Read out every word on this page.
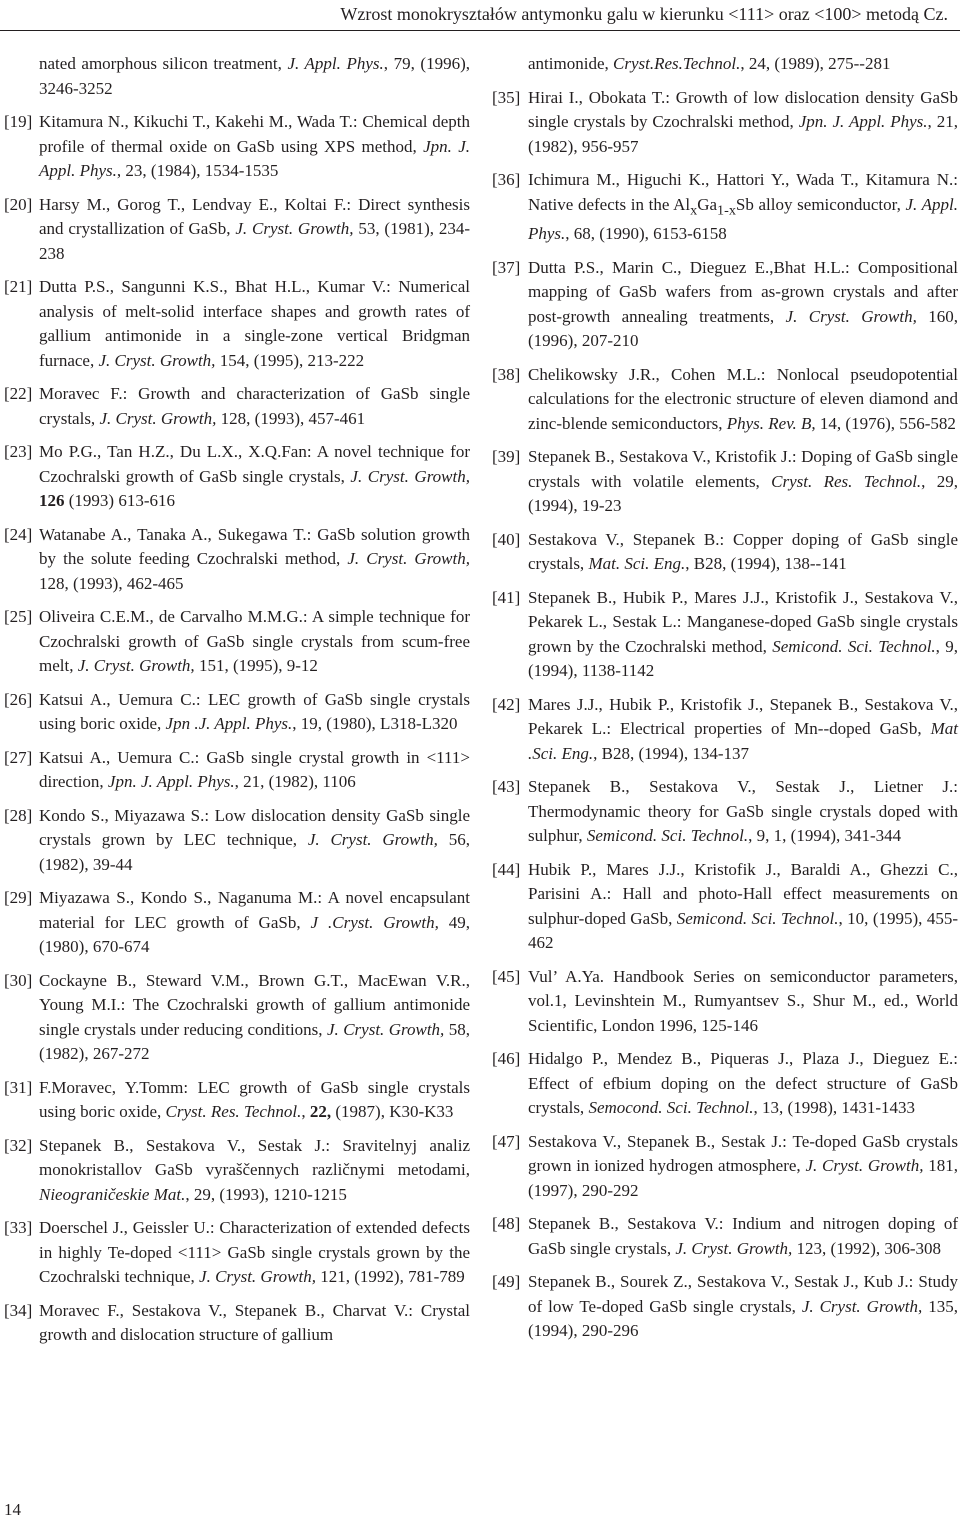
Wzrost monokryształów antymonku galu w kierunku <111> oraz <100> metodą Cz.
nated amorphous silicon treatment, J. Appl. Phys., 79, (1996), 3246-3252
[19] Kitamura N., Kikuchi T., Kakehi M., Wada T.: Chemical depth profile of thermal oxide on GaSb using XPS method, Jpn. J. Appl. Phys., 23, (1984), 1534-1535
[20] Harsy M., Gorog T., Lendvay E., Koltai F.: Direct synthesis and crystallization of GaSb, J. Cryst. Growth, 53, (1981), 234-238
[21] Dutta P.S., Sangunni K.S., Bhat H.L., Kumar V.: Numerical analysis of melt-solid interface shapes and growth rates of gallium antimonide in a single-zone vertical Bridgman furnace, J. Cryst. Growth, 154, (1995), 213-222
[22] Moravec F.: Growth and characterization of GaSb single crystals, J. Cryst. Growth, 128, (1993), 457-461
[23] Mo P.G., Tan H.Z., Du L.X., X.Q.Fan: A novel technique for Czochralski growth of GaSb single crystals, J. Cryst. Growth, 126 (1993) 613-616
[24] Watanabe A., Tanaka A., Sukegawa T.: GaSb solution growth by the solute feeding Czochralski method, J. Cryst. Growth, 128, (1993), 462-465
[25] Oliveira C.E.M., de Carvalho M.M.G.: A simple technique for Czochralski growth of GaSb single crystals from scum-free melt, J. Cryst. Growth, 151, (1995), 9-12
[26] Katsui A., Uemura C.: LEC growth of GaSb single crystals using boric oxide, Jpn .J. Appl. Phys., 19, (1980), L318-L320
[27] Katsui A., Uemura C.: GaSb single crystal growth in <111> direction, Jpn. J. Appl. Phys., 21, (1982), 1106
[28] Kondo S., Miyazawa S.: Low dislocation density GaSb single crystals grown by LEC technique, J. Cryst. Growth, 56, (1982), 39-44
[29] Miyazawa S., Kondo S., Naganuma M.: A novel encapsulant material for LEC growth of GaSb, J .Cryst. Growth, 49, (1980), 670-674
[30] Cockayne B., Steward V.M., Brown G.T., MacEwan V.R., Young M.I.: The Czochralski growth of gallium antimonide single crystals under reducing conditions, J. Cryst. Growth, 58, (1982), 267-272
[31] F.Moravec, Y.Tomm: LEC growth of GaSb single crystals using boric oxide, Cryst. Res. Technol., 22, (1987), K30-K33
[32] Stepanek B., Sestakova V., Sestak J.: Sravitelnyj analiz monokristallov GaSb vyraščennych različnymi metodami, Nieograničeskie Mat., 29, (1993), 1210-1215
[33] Doerschel J., Geissler U.: Characterization of extended defects in highly Te-doped <111> GaSb single crystals grown by the Czochralski technique, J. Cryst. Growth, 121, (1992), 781-789
[34] Moravec F., Sestakova V., Stepanek B., Charvat V.: Crystal growth and dislocation structure of gallium
antimonide, Cryst.Res.Technol., 24, (1989), 275--281
[35] Hirai I., Obokata T.: Growth of low dislocation density GaSb single crystals by Czochralski method, Jpn. J. Appl. Phys., 21, (1982), 956-957
[36] Ichimura M., Higuchi K., Hattori Y., Wada T., Kitamura N.: Native defects in the $Al_xGa_{1-x}Sb$ alloy semiconductor, J. Appl. Phys., 68, (1990), 6153-6158
[37] Dutta P.S., Marin C., Dieguez E.,Bhat H.L.: Compositional mapping of GaSb wafers from as-grown crystals and after post-growth annealing treatments, J. Cryst. Growth, 160, (1996), 207-210
[38] Chelikowsky J.R., Cohen M.L.: Nonlocal pseudopotential calculations for the electronic structure of eleven diamond and zinc-blende semiconductors, Phys. Rev. B, 14, (1976), 556-582
[39] Stepanek B., Sestakova V., Kristofik J.: Doping of GaSb single crystals with volatile elements, Cryst. Res. Technol., 29, (1994), 19-23
[40] Sestakova V., Stepanek B.: Copper doping of GaSb single crystals, Mat. Sci. Eng., B28, (1994), 138--141
[41] Stepanek B., Hubik P., Mares J.J., Kristofik J., Sestakova V., Pekarek L., Sestak L.: Manganese-doped GaSb single crystals grown by the Czochralski method, Semicond. Sci. Technol., 9, (1994), 1138-1142
[42] Mares J.J., Hubik P., Kristofik J., Stepanek B., Sestakova V., Pekarek L.: Electrical properties of Mn--doped GaSb, Mat .Sci. Eng., B28, (1994), 134-137
[43] Stepanek B., Sestakova V., Sestak J., Lietner J.: Thermodynamic theory for GaSb single crystals doped with sulphur, Semicond. Sci. Technol., 9, 1, (1994), 341-344
[44] Hubik P., Mares J.J., Kristofik J., Baraldi A., Ghezzi C., Parisini A.: Hall and photo-Hall effect measurements on sulphur-doped GaSb, Semicond. Sci. Technol., 10, (1995), 455-462
[45] Vul’ A.Ya. Handbook Series on semiconductor parameters, vol.1, Levinshtein M., Rumyantsev S., Shur M., ed., World Scientific, London 1996, 125-146
[46] Hidalgo P., Mendez B., Piqueras J., Plaza J., Dieguez E.: Effect of efbium doping on the defect structure of GaSb crystals, Semocond. Sci. Technol., 13, (1998), 1431-1433
[47] Sestakova V., Stepanek B., Sestak J.: Te-doped GaSb crystals grown in ionized hydrogen atmosphere, J. Cryst. Growth, 181, (1997), 290-292
[48] Stepanek B., Sestakova V.: Indium and nitrogen doping of GaSb single crystals, J. Cryst. Growth, 123, (1992), 306-308
[49] Stepanek B., Sourek Z., Sestakova V., Sestak J., Kub J.: Study of low Te-doped GaSb single crystals, J. Cryst. Growth, 135, (1994), 290-296
14
